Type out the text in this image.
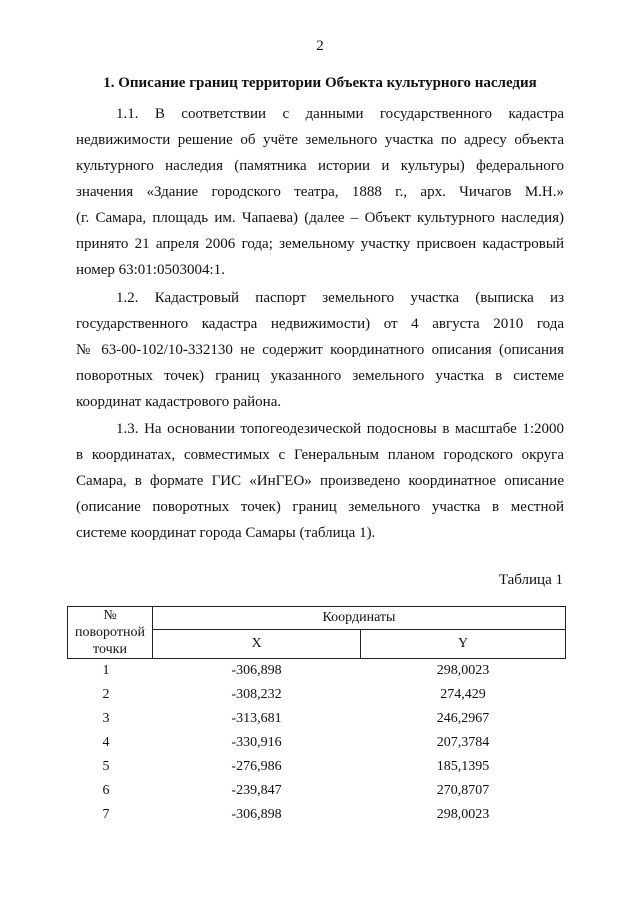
2
1. Описание границ территории Объекта культурного наследия
1.1. В соответствии с данными государственного кадастра
недвижимости решение об учёте земельного участка по адресу объекта
культурного наследия (памятника истории и культуры) федерального
значения «Здание городского театра, 1888 г., арх. Чичагов М.Н.»
(г. Самара, площадь им. Чапаева) (далее – Объект культурного наследия)
принято 21 апреля 2006 года; земельному участку присвоен кадастровый
номер 63:01:0503004:1.
1.2. Кадастровый паспорт земельного участка (выписка из
государственного кадастра недвижимости) от 4 августа 2010 года
№ 63-00-102/10-332130 не содержит координатного описания (описания
поворотных точек) границ указанного земельного участка в системе
координат кадастрового района.
1.3. На основании топогеодезической подосновы в масштабе 1:2000
в координатах, совместимых с Генеральным планом городского округа
Самара, в формате ГИС «ИнГЕО» произведено координатное описание
(описание поворотных точек) границ земельного участка в местной
системе координат города Самары (таблица 1).
Таблица 1
№
поворотной
точки	Координаты	
	X	Y
1	-306,898	298,0023
2	-308,232	274,429
3	-313,681	246,2967
4	-330,916	207,3784
5	-276,986	185,1395
6	-239,847	270,8707
7	-306,898	298,0023
